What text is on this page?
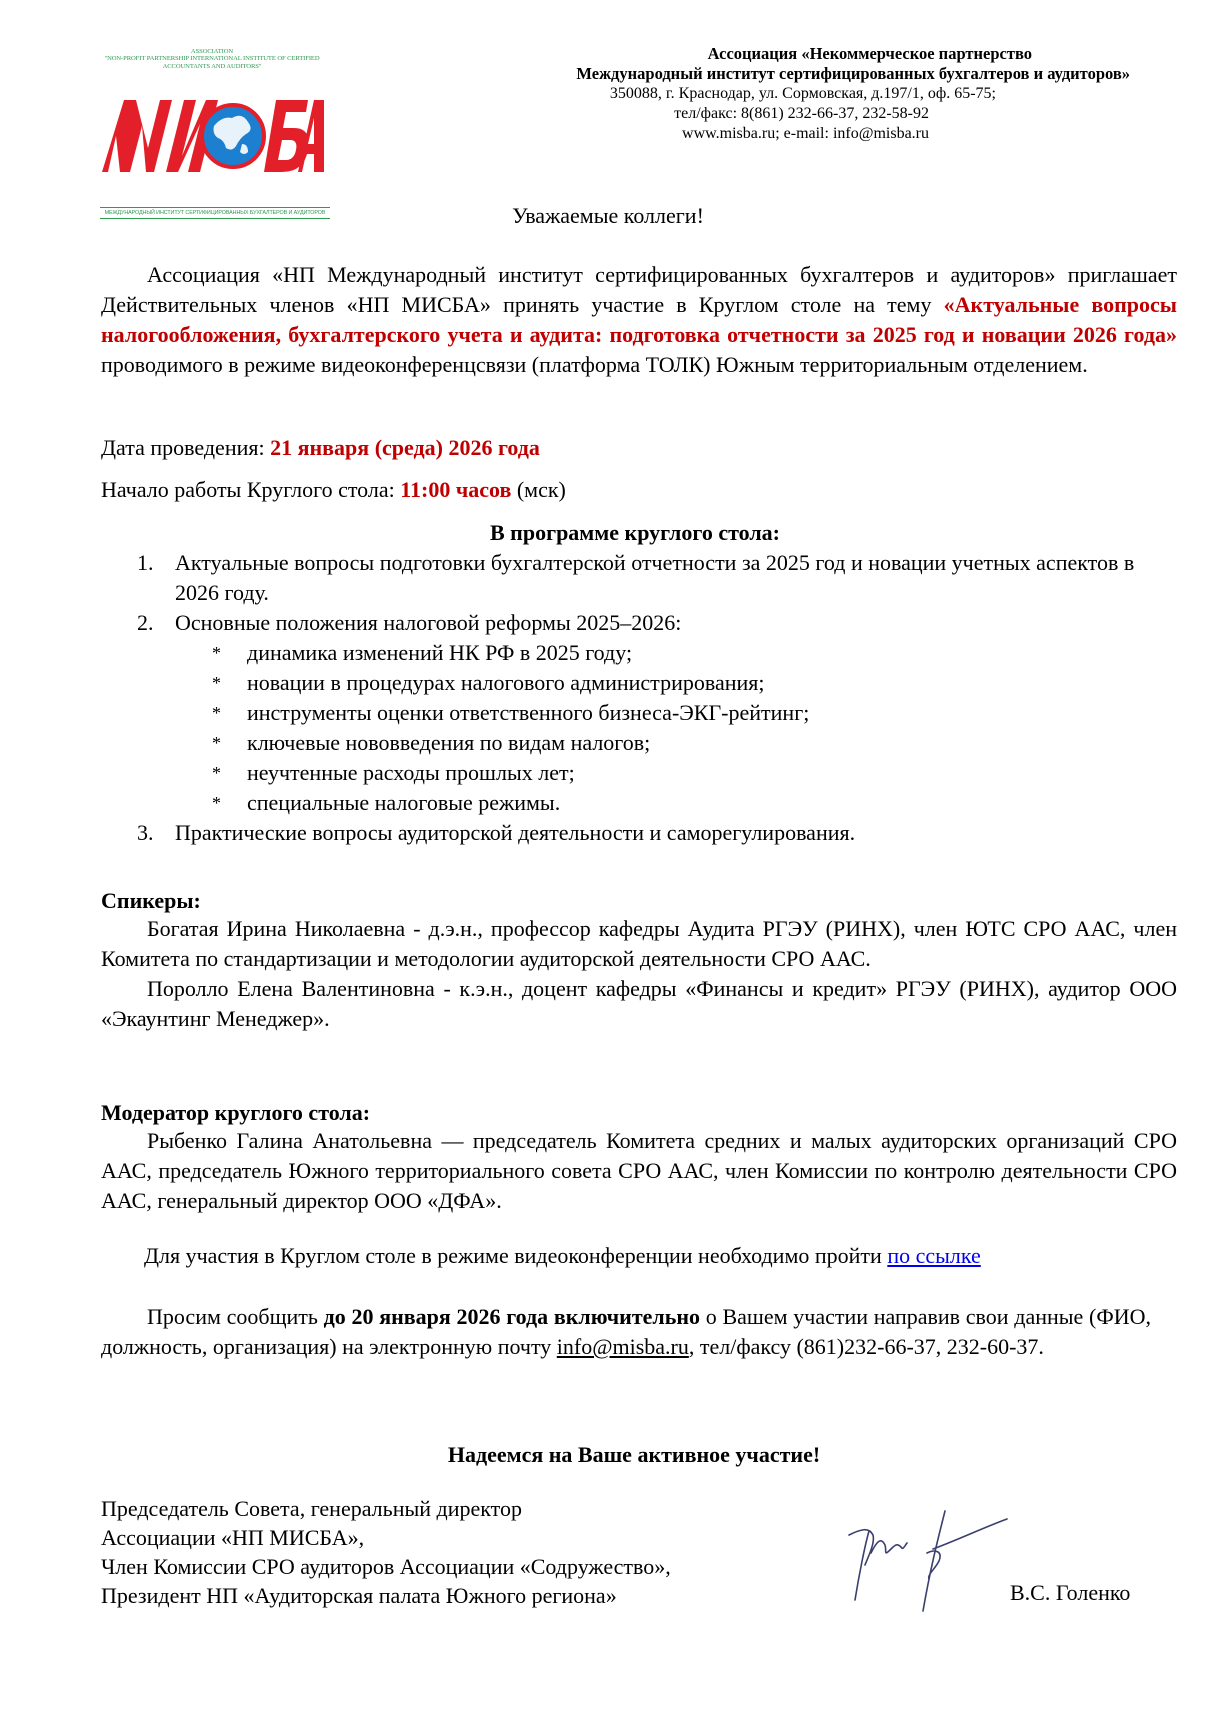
ASSOCIATION
"NON-PROFIT PARTNERSHIP INTERNATIONAL INSTITUTE OF CERTIFIED
ACCOUNTANTS AND AUDITORS"
МЕЖДУНАРОДНЫЙ ИНСТИТУТ СЕРТИФИЦИРОВАННЫХ БУХГАЛТЕРОВ И АУДИТОРОВ
Ассоциация «Некоммерческое партнерство
Международный институт сертифицированных бухгалтеров и аудиторов»
350088, г. Краснодар, ул. Сормовская, д.197/1, оф. 65-75;
тел/факс: 8(861) 232-66-37, 232-58-92
www.misba.ru; e-mail: info@misba.ru
Уважаемые коллеги!
Ассоциация «НП Международный институт сертифицированных бухгалтеров и аудиторов» приглашает Действительных членов «НП МИСБА» принять участие в Круглом столе на тему «Актуальные вопросы налогообложения, бухгалтерского учета и аудита: подготовка отчетности за 2025 год и новации 2026 года» проводимого в режиме видеоконференцсвязи (платформа ТОЛК) Южным территориальным отделением.
Дата проведения: 21 января (среда) 2026 года
Начало работы Круглого стола: 11:00 часов (мск)
В программе круглого стола:
1. Актуальные вопросы подготовки бухгалтерской отчетности за 2025 год и новации учетных аспектов в 2026 году.
2. Основные положения налоговой реформы 2025–2026:
* динамика изменений НК РФ в 2025 году;
* новации в процедурах налогового администрирования;
* инструменты оценки ответственного бизнеса-ЭКГ-рейтинг;
* ключевые нововведения по видам налогов;
* неучтенные расходы прошлых лет;
* специальные налоговые режимы.
3. Практические вопросы аудиторской деятельности и саморегулирования.
Спикеры:
Богатая Ирина Николаевна - д.э.н., профессор кафедры Аудита РГЭУ (РИНХ), член ЮТС СРО ААС, член Комитета по стандартизации и методологии аудиторской деятельности СРО ААС.
Поролло Елена Валентиновна - к.э.н., доцент кафедры «Финансы и кредит» РГЭУ (РИНХ), аудитор ООО «Экаунтинг Менеджер».
Модератор круглого стола:
Рыбенко Галина Анатольевна — председатель Комитета средних и малых аудиторских организаций СРО ААС, председатель Южного территориального совета СРО ААС, член Комиссии по контролю деятельности СРО ААС, генеральный директор ООО «ДФА».
Для участия в Круглом столе в режиме видеоконференции необходимо пройти по ссылке
Просим сообщить до 20 января 2026 года включительно о Вашем участии направив свои данные (ФИО, должность, организация) на электронную почту info@misba.ru, тел/факсу (861)232-66-37, 232-60-37.
Надеемся на Ваше активное участие!
Председатель Совета, генеральный директор
Ассоциации «НП МИСБА»,
Член Комиссии СРО аудиторов Ассоциации «Содружество»,
Президент НП «Аудиторская палата Южного региона»	В.С. Голенко
